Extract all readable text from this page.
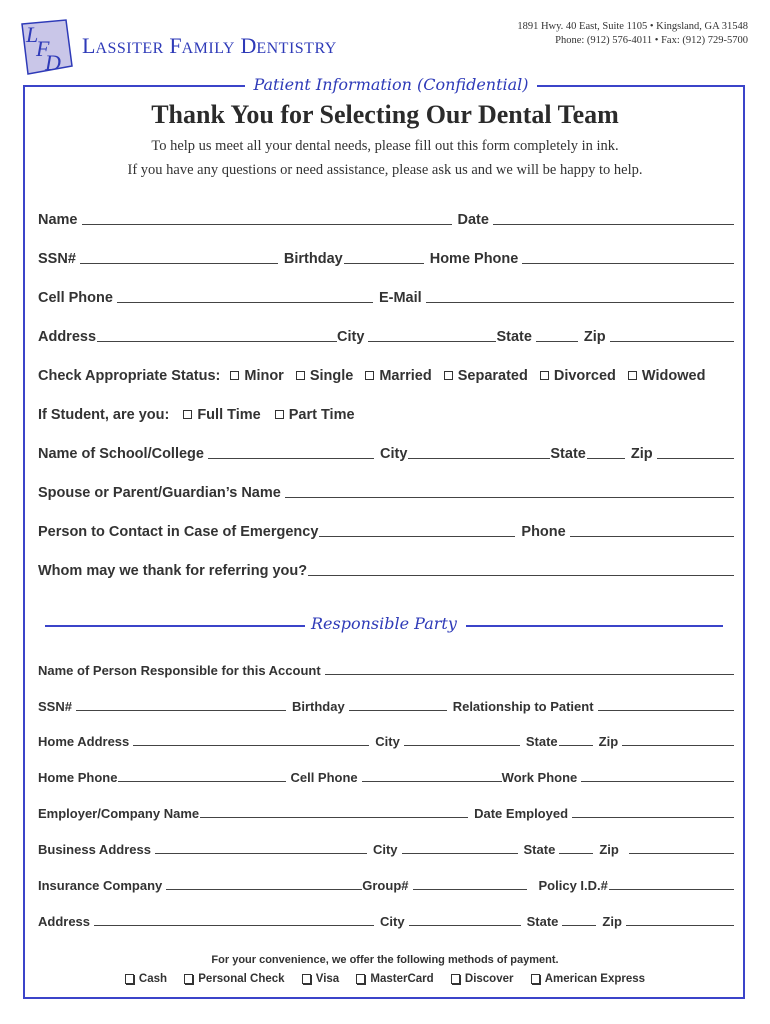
L
F
D
LASSITER FAMILY DENTISTRY
1891 Hwy. 40 East, Suite 1105 • Kingsland, GA 31548
Phone: (912) 576-4011 • Fax: (912) 729-5700
Patient Information (Confidential)
Thank You for Selecting Our Dental Team
To help us meet all your dental needs, please fill out this form completely in ink.
If you have any questions or need assistance, please ask us and we will be happy to help.
Name	Date
SSN#	Birthday	Home Phone
Cell Phone	E-Mail
Address	City	State	Zip
Check Appropriate Status:	Minor	Single	Married	Separated	Divorced	Widowed
If Student, are you:	Full Time	Part Time
Name of School/College	City	State	Zip
Spouse or Parent/Guardian’s Name
Person to Contact in Case of Emergency	Phone
Whom may we thank for referring you?
Responsible Party
Name of Person Responsible for this Account
SSN#	Birthday	Relationship to Patient
Home Address	City	State	Zip
Home Phone	Cell Phone	Work Phone
Employer/Company Name	Date Employed
Business Address	City	State	Zip
Insurance Company	Group#	Policy I.D.#
Address	City	State	Zip
For your convenience, we offer the following methods of payment.
Cash	Personal Check	Visa	MasterCard	Discover	American Express
